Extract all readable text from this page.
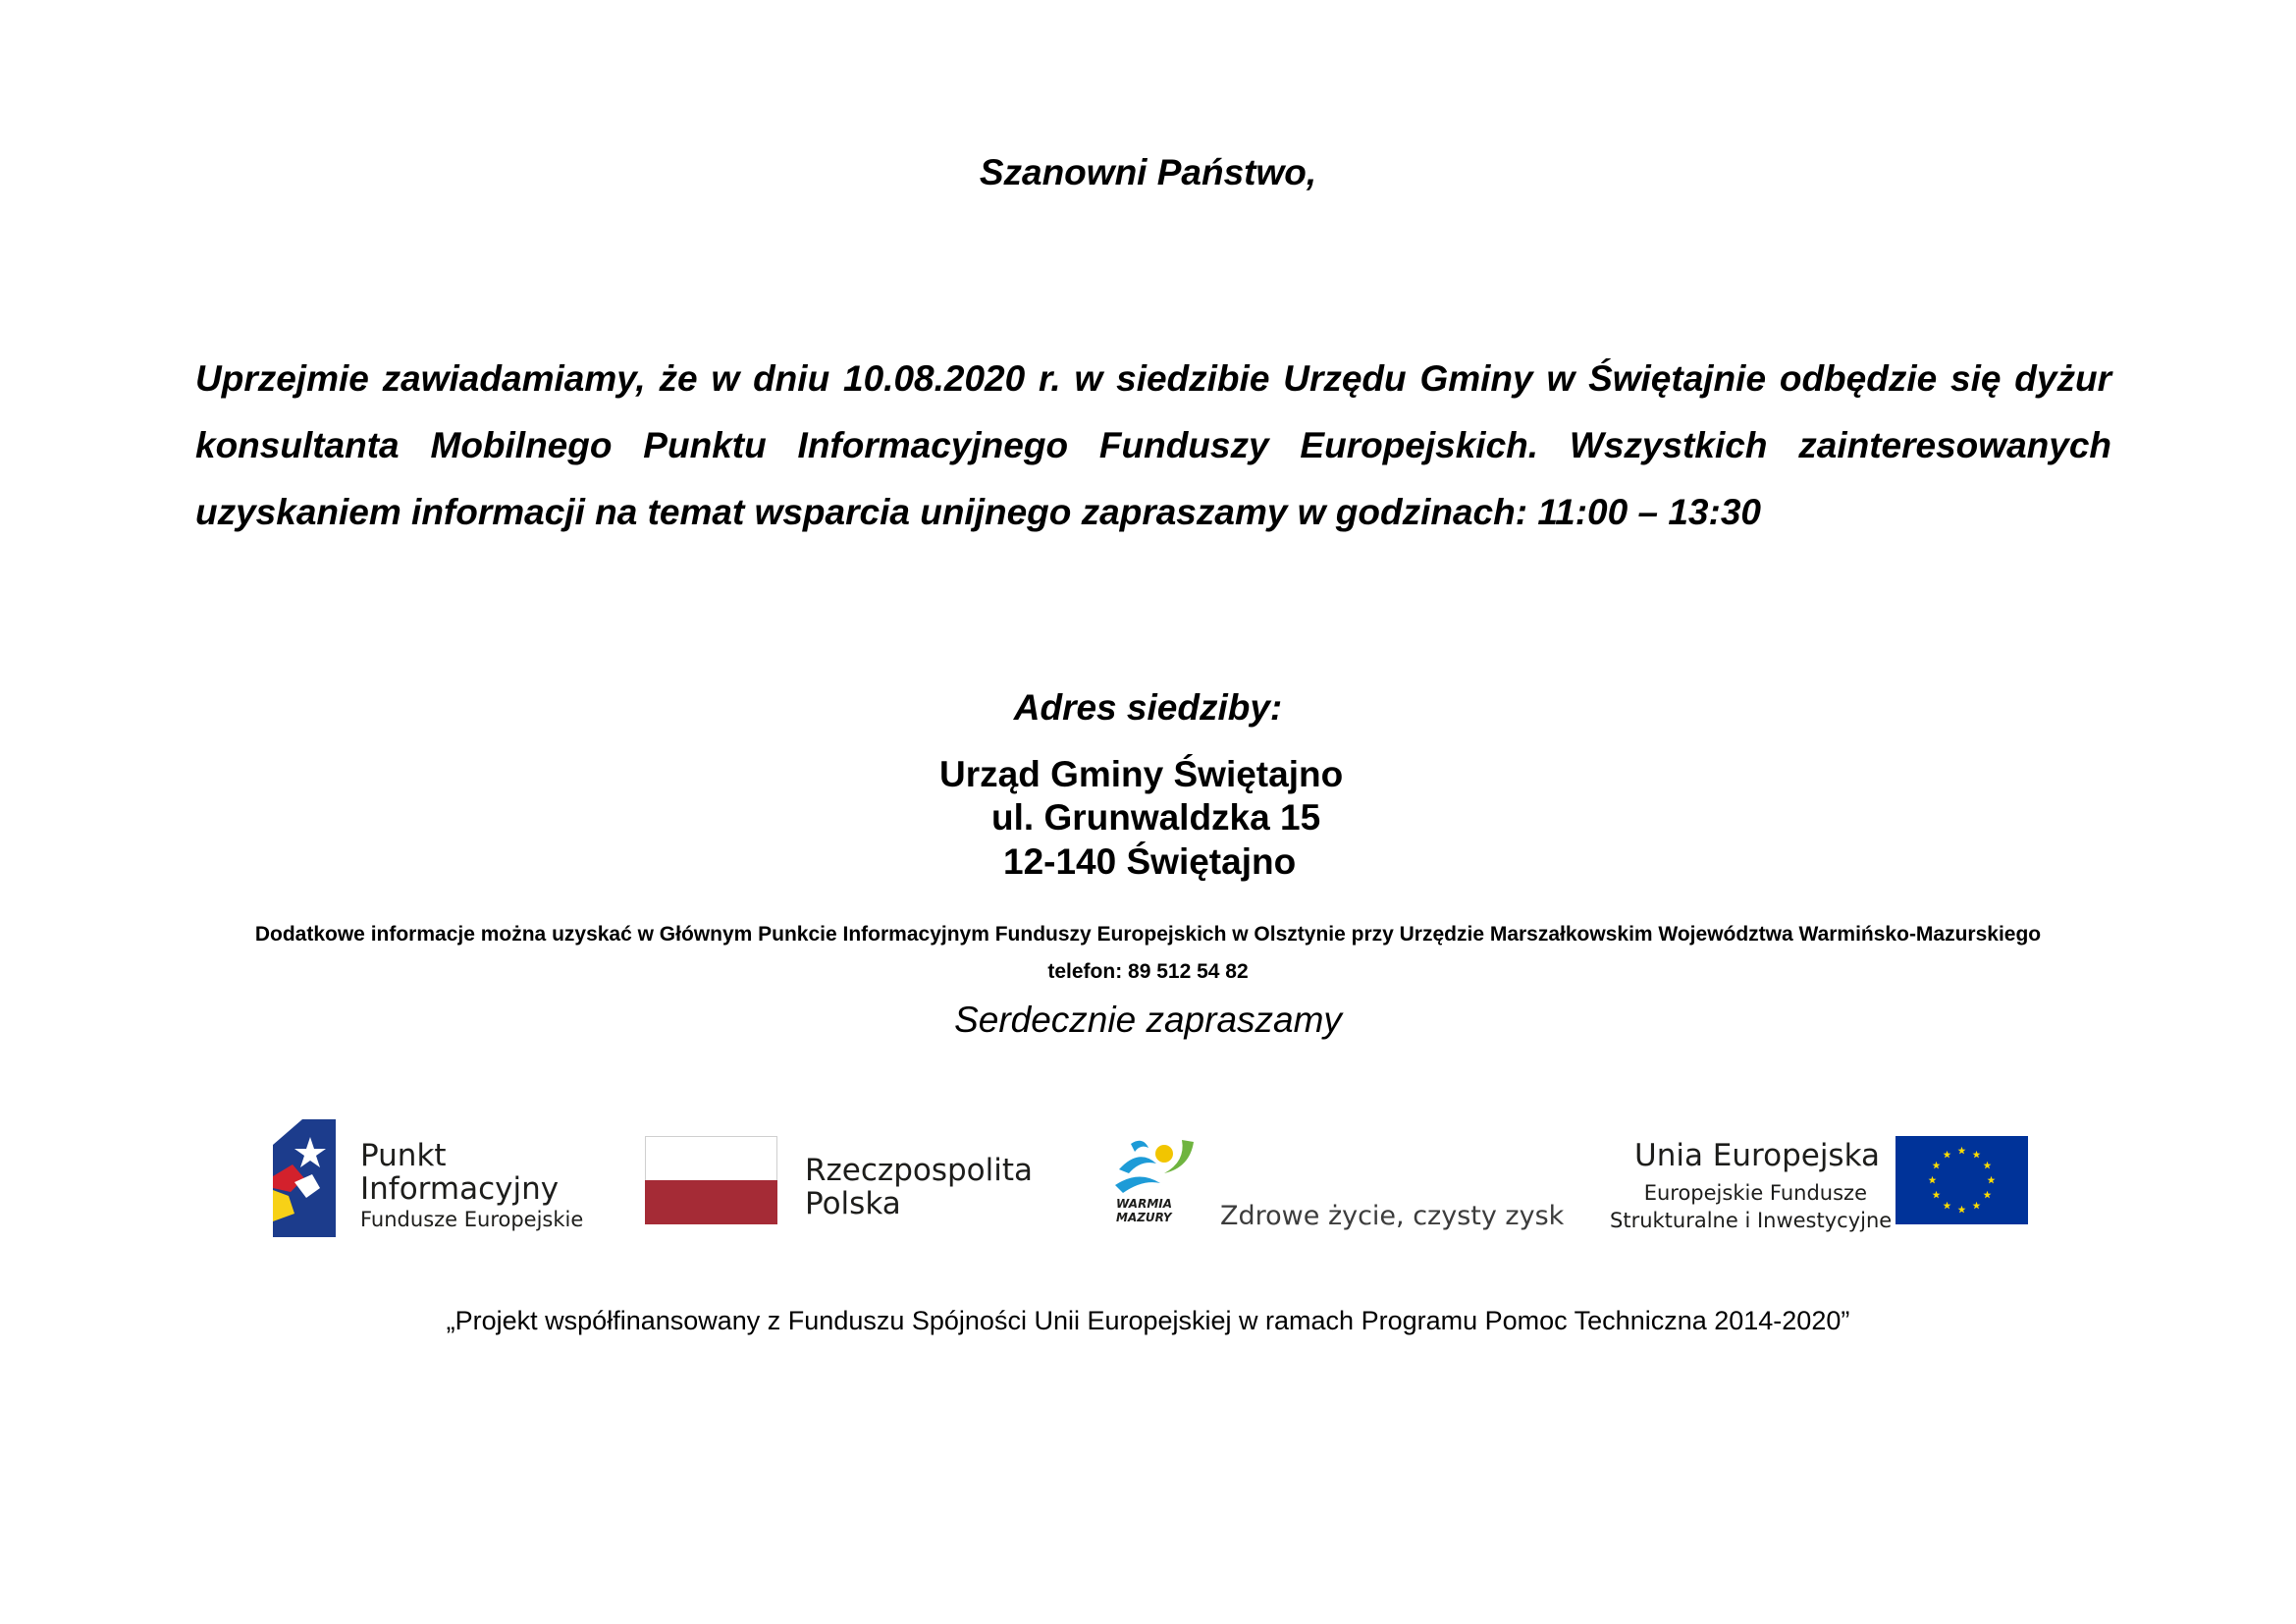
Szanowni Państwo,
Uprzejmie zawiadamiamy, że w dniu 10.08.2020 r. w siedzibie Urzędu Gminy w Świętajnie odbędzie się dyżur konsultanta Mobilnego Punktu Informacyjnego Funduszy Europejskich. Wszystkich zainteresowanych uzyskaniem informacji na temat wsparcia unijnego zapraszamy w godzinach: 11:00 – 13:30
Adres siedziby:
Urząd Gminy Świętajno
ul. Grunwaldzka 15
12-140 Świętajno
Dodatkowe informacje można uzyskać w Głównym Punkcie Informacyjnym Funduszy Europejskich w Olsztynie przy Urzędzie Marszałkowskim Województwa Warmińsko-Mazurskiego
telefon: 89 512 54 82
Serdecznie zapraszamy
Punkt
Informacyjny
Fundusze Europejskie
Rzeczpospolita
Polska	WARMIA
MAZURY Zdrowe życie, czysty zysk
Unia Europejska
Europejskie Fundusze
Strukturalne i Inwestycyjne
„Projekt współfinansowany z Funduszu Spójności Unii Europejskiej w ramach Programu Pomoc Techniczna 2014-2020”
